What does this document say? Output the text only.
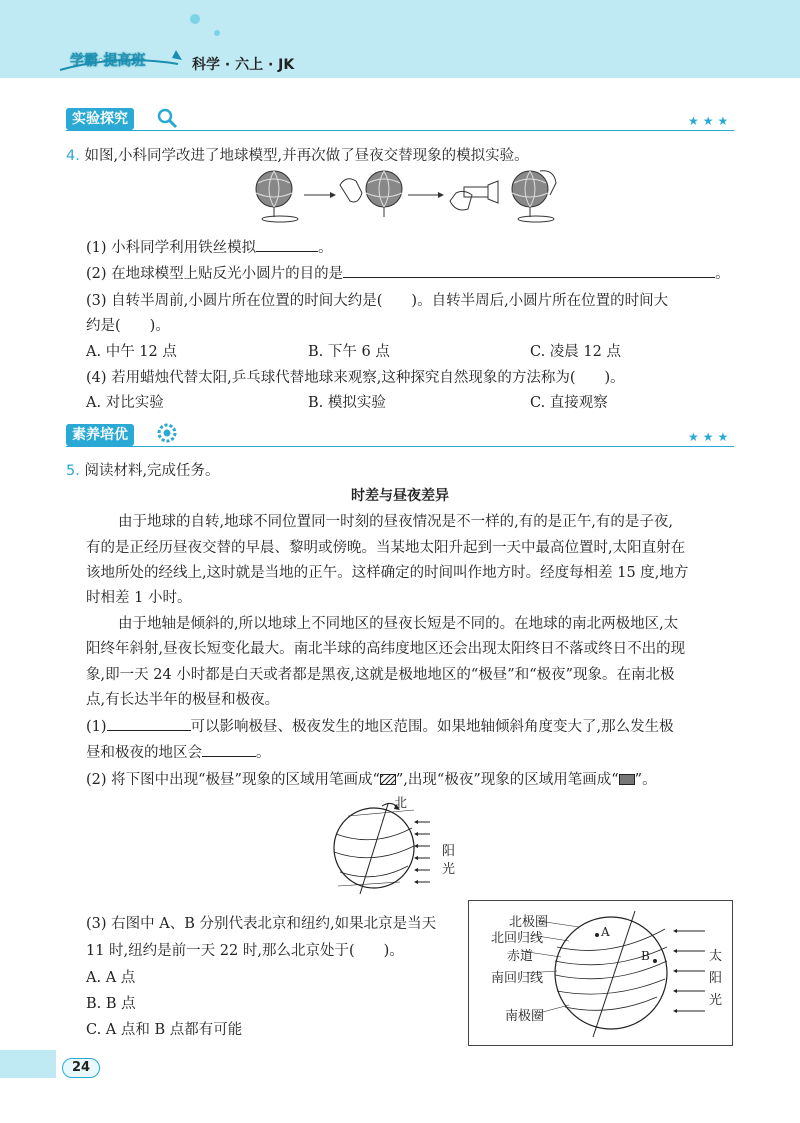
学霸·提高班	科学 · 六上 · JK
实验探究	★★★
4. 如图,小科同学改进了地球模型,并再次做了昼夜交替现象的模拟实验。
(1) 小科同学利用铁丝模拟	。
(2) 在地球模型上贴反光小圆片的目的是	。
(3) 自转半周前,小圆片所在位置的时间大约是(　　)。自转半周后,小圆片所在位置的时间大
约是(　　)。
A. 中午 12 点	B. 下午 6 点	C. 凌晨 12 点
(4) 若用蜡烛代替太阳,乒乓球代替地球来观察,这种探究自然现象的方法称为(　　)。
A. 对比实验	B. 模拟实验	C. 直接观察
素养培优	★★★
5. 阅读材料,完成任务。
时差与昼夜差异
由于地球的自转,地球不同位置同一时刻的昼夜情况是不一样的,有的是正午,有的是子夜,
有的是正经历昼夜交替的早晨、黎明或傍晚。当某地太阳升起到一天中最高位置时,太阳直射在
该地所处的经线上,这时就是当地的正午。这样确定的时间叫作地方时。经度每相差 15 度,地方
时相差 1 小时。
由于地轴是倾斜的,所以地球上不同地区的昼夜长短是不同的。在地球的南北两极地区,太
阳终年斜射,昼夜长短变化最大。南北半球的高纬度地区还会出现太阳终日不落或终日不出的现
象,即一天 24 小时都是白天或者都是黑夜,这就是极地地区的“极昼”和“极夜”现象。在南北极
点,有长达半年的极昼和极夜。
(1)	可以影响极昼、极夜发生的地区范围。如果地轴倾斜角度变大了,那么发生极
昼和极夜的地区会	。
(2) 将下图中出现“极昼”现象的区域用笔画成“ ”,出现“极夜”现象的区域用笔画成“ ”。
北
阳
光
(3) 右图中 A、B 分别代表北京和纽约,如果北京是当天
11 时,纽约是前一天 22 时,那么北京处于(　　)。
A. A 点
B. B 点
C. A 点和 B 点都有可能
北极圈
北回归线
赤道
南回归线
南极圈
A
B	太
阳
光
24
